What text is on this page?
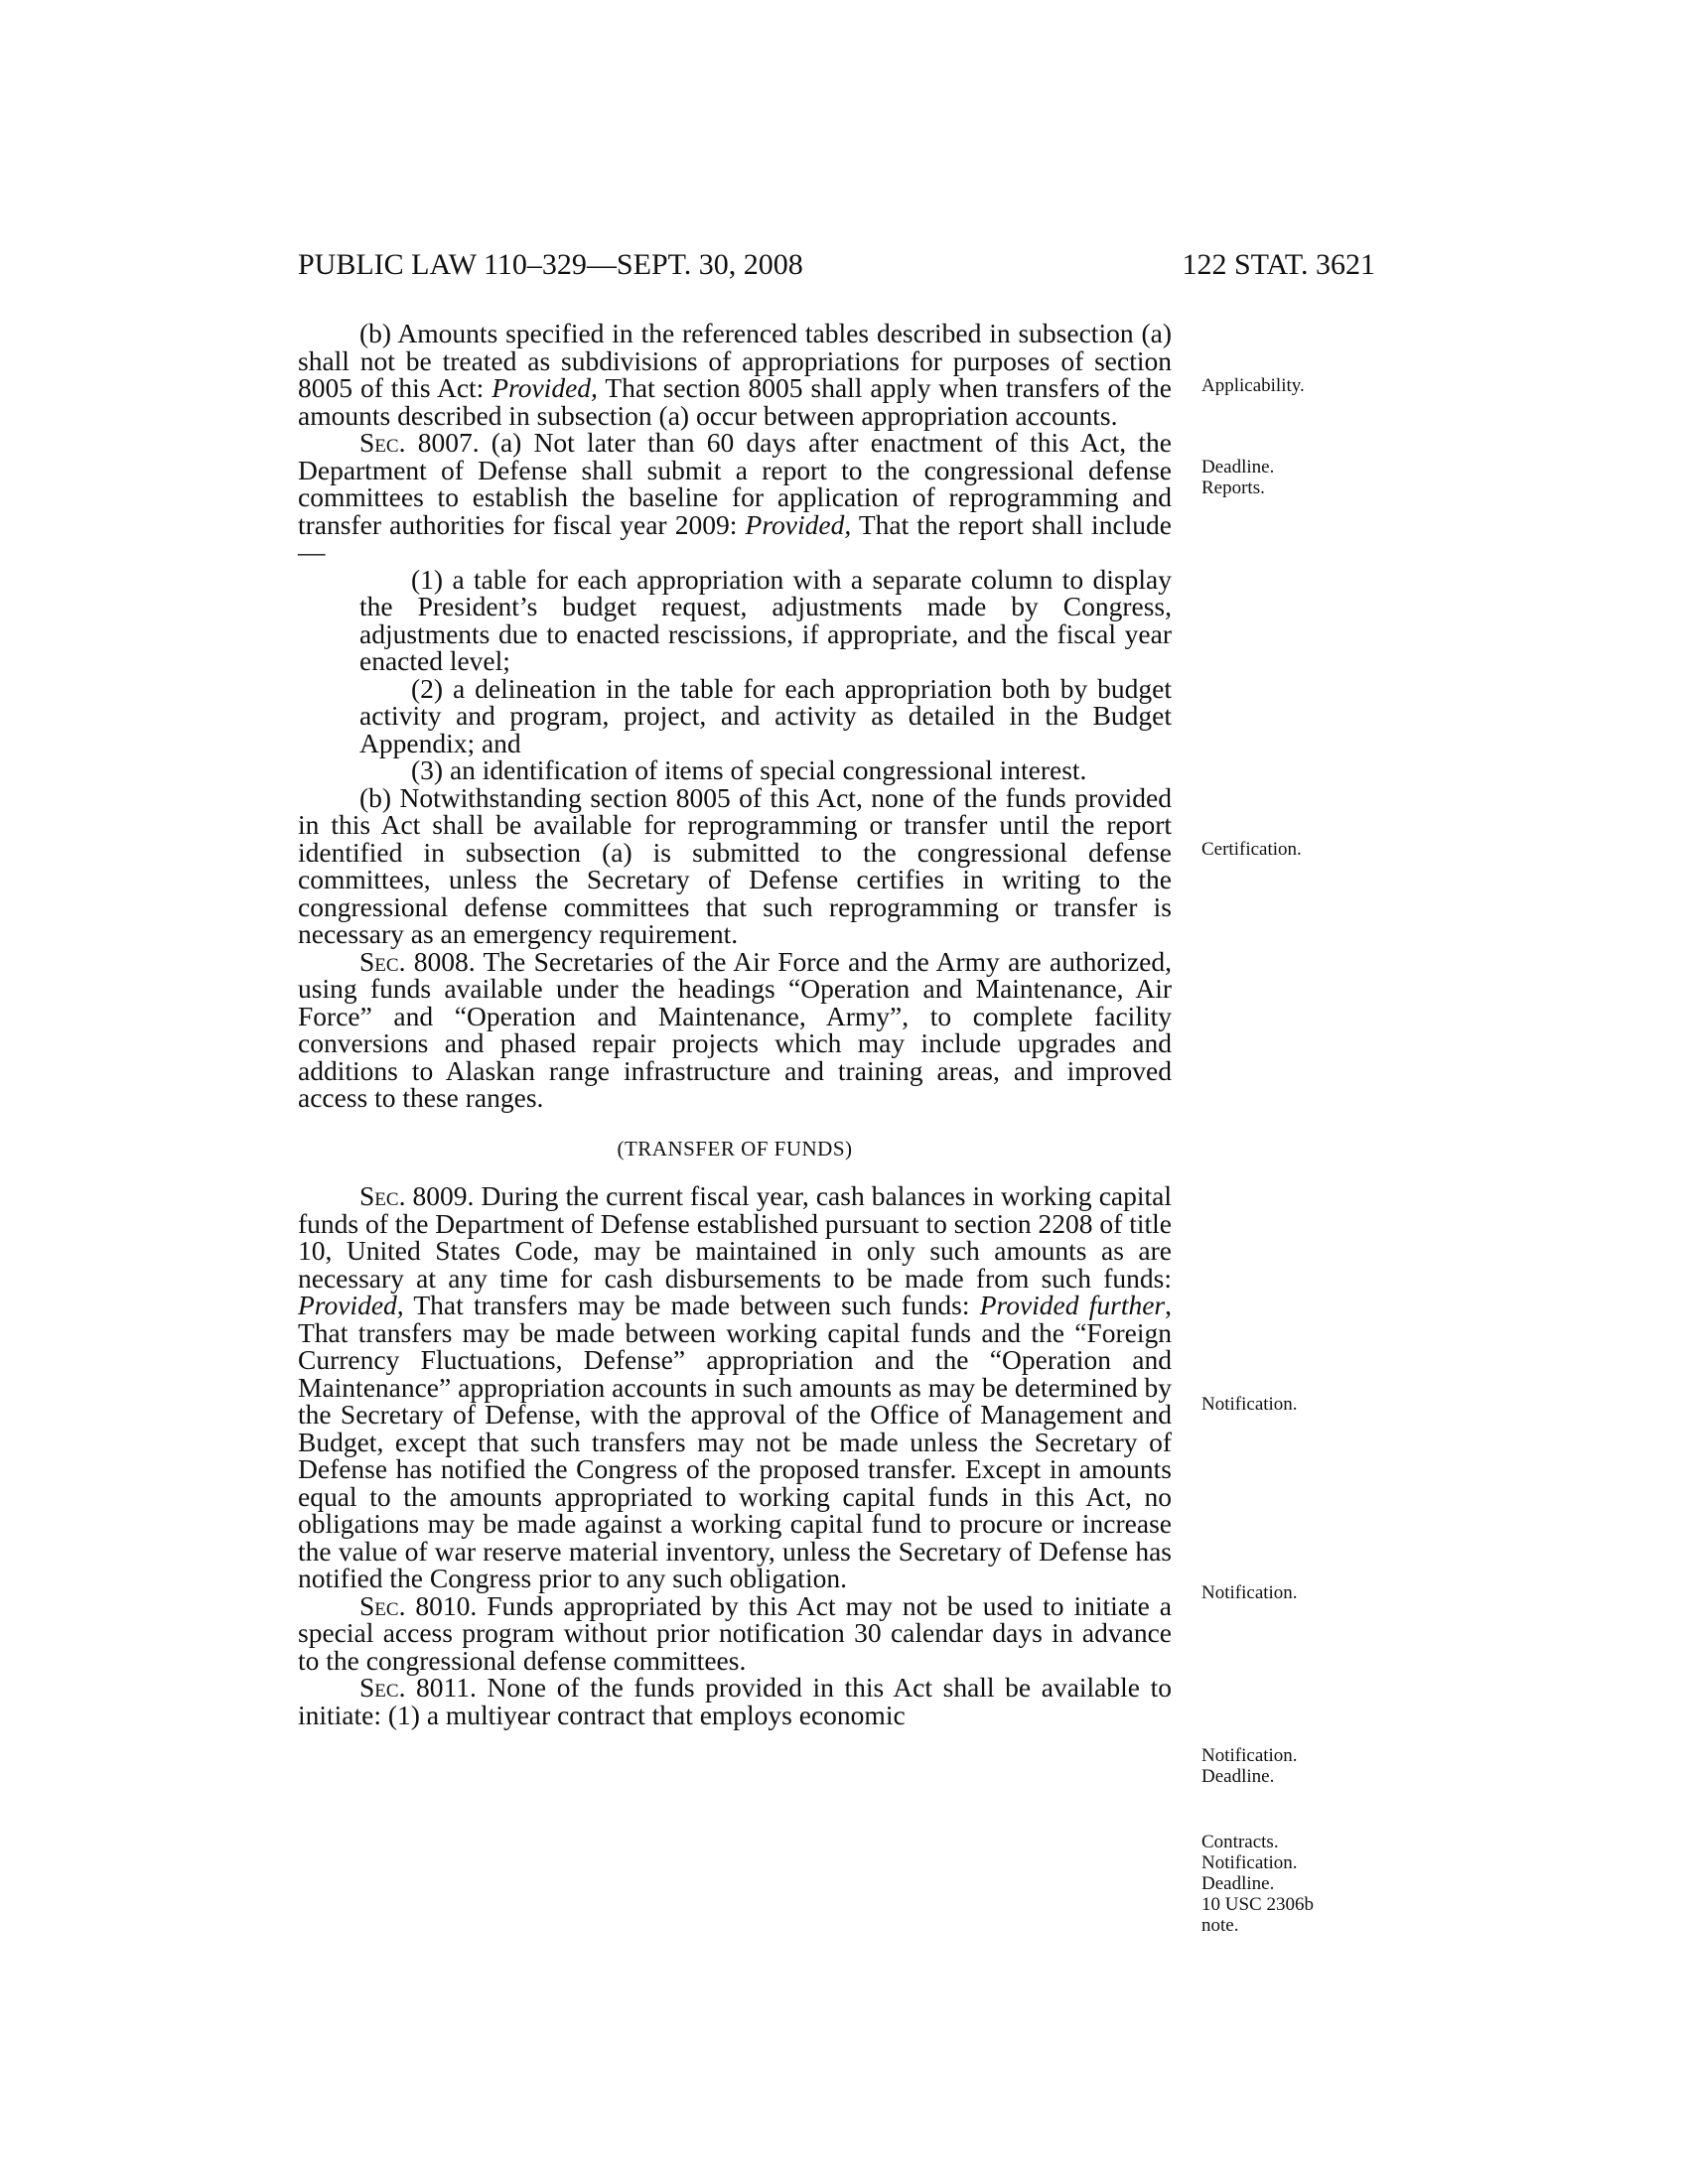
PUBLIC LAW 110–329—SEPT. 30, 2008	122 STAT. 3621

(b) Amounts specified in the referenced tables described in subsection (a) shall not be treated as subdivisions of appropriations for purposes of section 8005 of this Act: Provided, That section 8005 shall apply when transfers of the amounts described in subsection (a) occur between appropriation accounts.

Sec. 8007. (a) Not later than 60 days after enactment of this Act, the Department of Defense shall submit a report to the congressional defense committees to establish the baseline for application of reprogramming and transfer authorities for fiscal year 2009: Provided, That the report shall include—

(1) a table for each appropriation with a separate column to display the President’s budget request, adjustments made by Congress, adjustments due to enacted rescissions, if appropriate, and the fiscal year enacted level;

(2) a delineation in the table for each appropriation both by budget activity and program, project, and activity as detailed in the Budget Appendix; and

(3) an identification of items of special congressional interest.

(b) Notwithstanding section 8005 of this Act, none of the funds provided in this Act shall be available for reprogramming or transfer until the report identified in subsection (a) is submitted to the congressional defense committees, unless the Secretary of Defense certifies in writing to the congressional defense committees that such reprogramming or transfer is necessary as an emergency requirement.

Sec. 8008. The Secretaries of the Air Force and the Army are authorized, using funds available under the headings “Operation and Maintenance, Air Force” and “Operation and Maintenance, Army”, to complete facility conversions and phased repair projects which may include upgrades and additions to Alaskan range infrastructure and training areas, and improved access to these ranges.

(TRANSFER OF FUNDS)

Sec. 8009. During the current fiscal year, cash balances in working capital funds of the Department of Defense established pursuant to section 2208 of title 10, United States Code, may be maintained in only such amounts as are necessary at any time for cash disbursements to be made from such funds: Provided, That transfers may be made between such funds: Provided further, That transfers may be made between working capital funds and the “Foreign Currency Fluctuations, Defense” appropriation and the “Operation and Maintenance” appropriation accounts in such amounts as may be determined by the Secretary of Defense, with the approval of the Office of Management and Budget, except that such transfers may not be made unless the Secretary of Defense has notified the Congress of the proposed transfer. Except in amounts equal to the amounts appropriated to working capital funds in this Act, no obligations may be made against a working capital fund to procure or increase the value of war reserve material inventory, unless the Secretary of Defense has notified the Congress prior to any such obligation.

Sec. 8010. Funds appropriated by this Act may not be used to initiate a special access program without prior notification 30 calendar days in advance to the congressional defense committees.

Sec. 8011. None of the funds provided in this Act shall be available to initiate: (1) a multiyear contract that employs economic

Applicability.
Deadline.
Reports.
Certification.
Notification.
Notification.
Notification.
Deadline.
Contracts.
Notification.
Deadline.
10 USC 2306b
note.
